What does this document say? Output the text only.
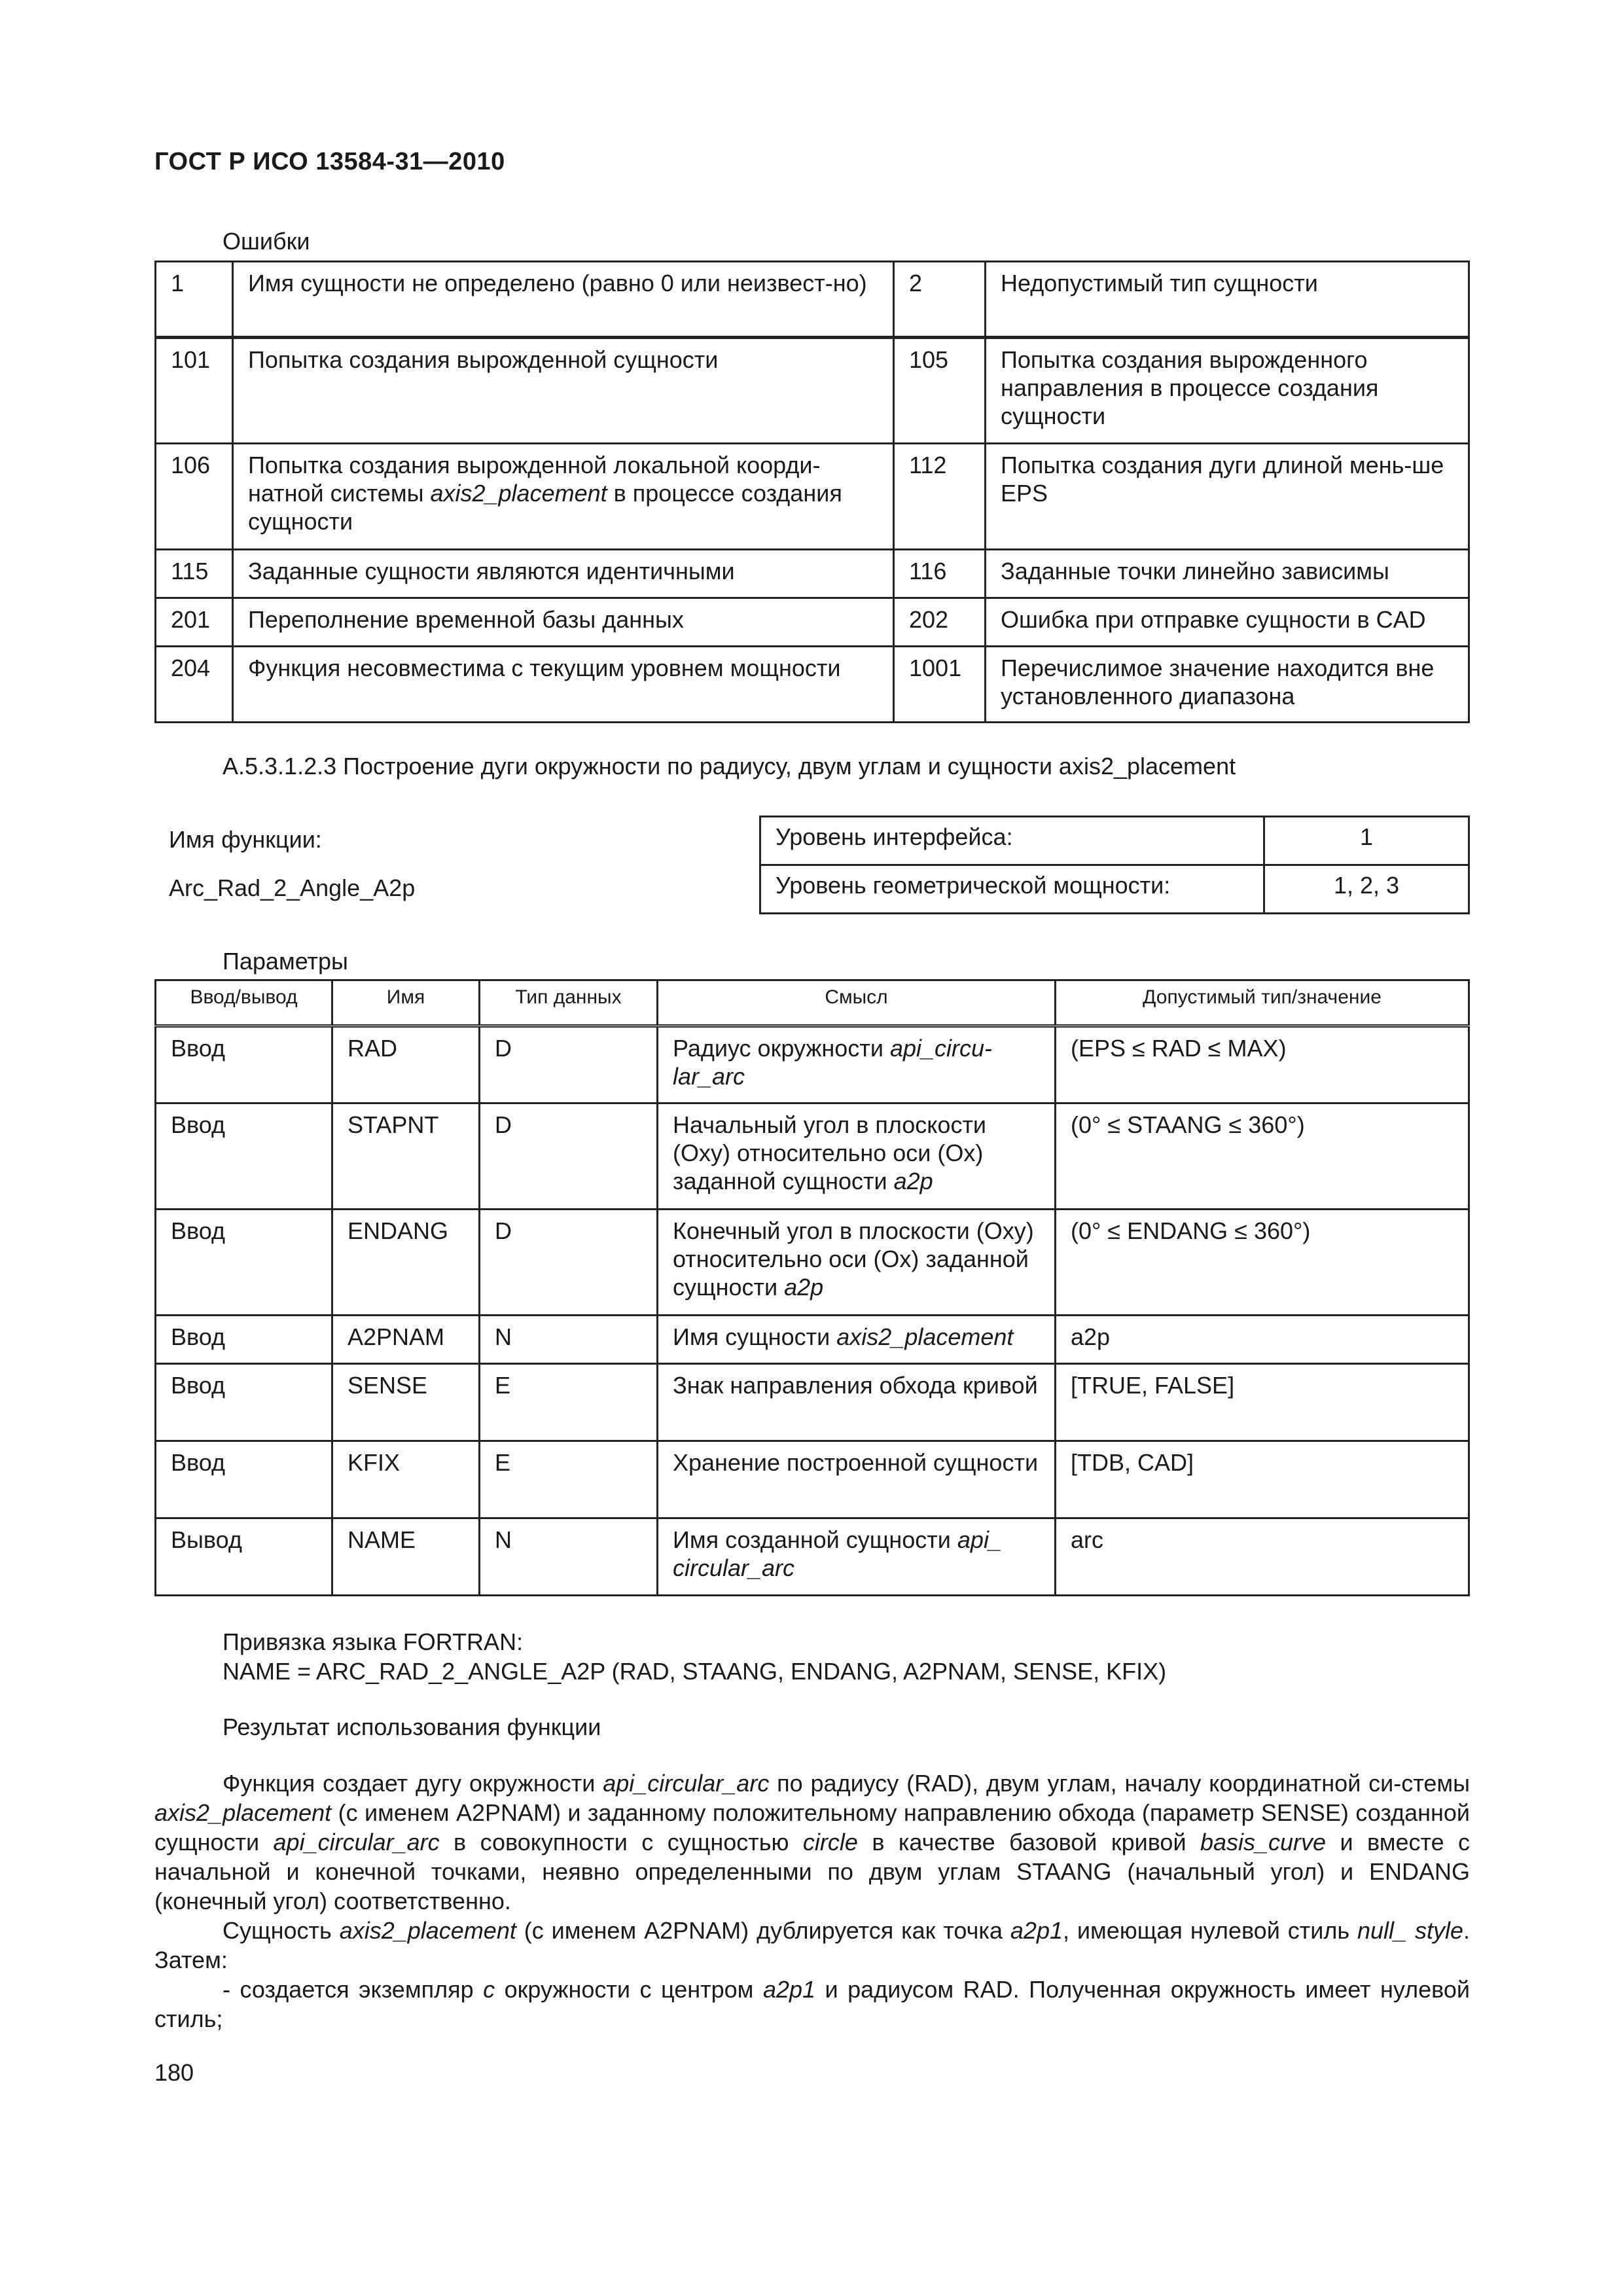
ГОСТ Р ИСО 13584-31—2010
Ошибки
1	Имя сущности не определено (равно 0 или неизвест-но)	2	Недопустимый тип сущности
101	Попытка создания вырожденной сущности	105	Попытка создания вырожденного направления в процессе создания сущности
106	Попытка создания вырожденной локальной коорди-натной системы axis2_placement в процессе создания сущности	112	Попытка создания дуги длиной мень-ше EPS
115	Заданные сущности являются идентичными	116	Заданные точки линейно зависимы
201	Переполнение временной базы данных	202	Ошибка при отправке сущности в CAD
204	Функция несовместима с текущим уровнем мощности	1001	Перечислимое значение находится вне установленного диапазона
А.5.3.1.2.3 Построение дуги окружности по радиусу, двум углам и сущности axis2_placement
Имя функции:
Arc_Rad_2_Angle_A2p
Уровень интерфейса:	1
Уровень геометрической мощности:	1, 2, 3
Параметры
Ввод/вывод	Имя	Тип данных	Смысл	Допустимый тип/значение
Ввод	RAD	D	Радиус окружности api_circu-lar_arc	(EPS ≤ RAD ≤ MAX)
Ввод	STAPNT	D	Начальный угол в плоскости (Oxy) относительно оси (Ox) заданной сущности a2p	(0° ≤ STAANG ≤ 360°)
Ввод	ENDANG	D	Конечный угол в плоскости (Oxy) относительно оси (Ox) заданной сущности a2p	(0° ≤ ENDANG ≤ 360°)
Ввод	A2PNAM	N	Имя сущности axis2_placement	a2p
Ввод	SENSE	E	Знак направления обхода кривой	[TRUE, FALSE]
Ввод	KFIX	E	Хранение построенной сущности	[TDB, CAD]
Вывод	NAME	N	Имя созданной сущности api_ circular_arc	arc
Привязка языка FORTRAN:
NAME = ARC_RAD_2_ANGLE_A2P (RAD, STAANG, ENDANG, A2PNAM, SENSE, KFIX)
Результат использования функции
Функция создает дугу окружности api_circular_arc по радиусу (RAD), двум углам, началу координатной си-стемы axis2_placement (с именем A2PNAM) и заданному положительному направлению обхода (параметр SENSE) созданной сущности api_circular_arc в совокупности с сущностью circle в качестве базовой кривой basis_curve и вместе с начальной и конечной точками, неявно определенными по двум углам STAANG (начальный угол) и ENDANG (конечный угол) соответственно.
Сущность axis2_placement (с именем A2PNAM) дублируется как точка a2p1, имеющая нулевой стиль null_ style. Затем:
- создается экземпляр c окружности с центром a2p1 и радиусом RAD. Полученная окружность имеет нулевой стиль;
180
